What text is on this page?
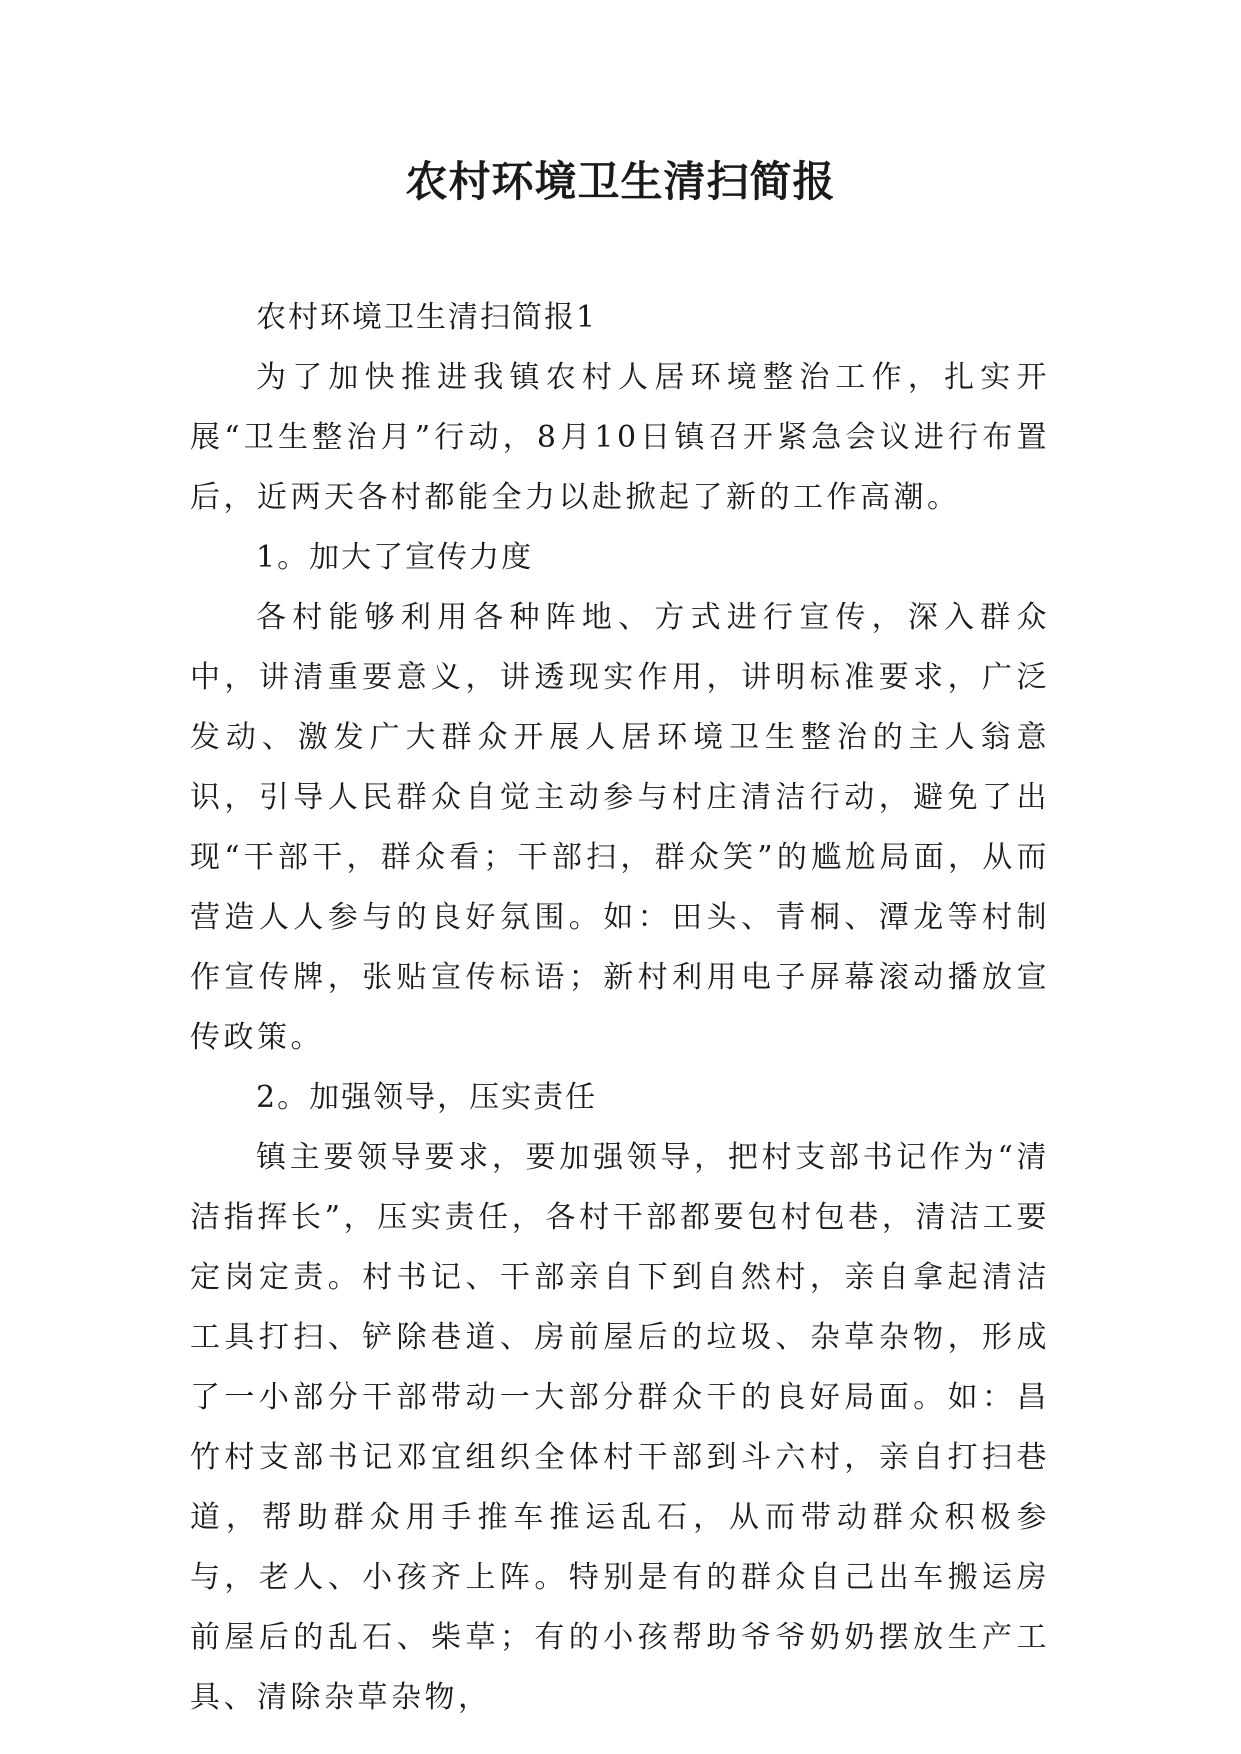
农村环境卫生清扫简报

农村环境卫生清扫简报1

为了加快推进我镇农村人居环境整治工作，扎实开展“卫生整治月”行动，8月10日镇召开紧急会议进行布置后，近两天各村都能全力以赴掀起了新的工作高潮。

1。加大了宣传力度

各村能够利用各种阵地、方式进行宣传，深入群众中，讲清重要意义，讲透现实作用，讲明标准要求，广泛发动、激发广大群众开展人居环境卫生整治的主人翁意识，引导人民群众自觉主动参与村庄清洁行动，避免了出现“干部干，群众看；干部扫，群众笑”的尴尬局面，从而营造人人参与的良好氛围。如：田头、青桐、潭龙等村制作宣传牌，张贴宣传标语；新村利用电子屏幕滚动播放宣传政策。

2。加强领导，压实责任

镇主要领导要求，要加强领导，把村支部书记作为“清洁指挥长”，压实责任，各村干部都要包村包巷，清洁工要定岗定责。村书记、干部亲自下到自然村，亲自拿起清洁工具打扫、铲除巷道、房前屋后的垃圾、杂草杂物，形成了一小部分干部带动一大部分群众干的良好局面。如：昌竹村支部书记邓宜组织全体村干部到斗六村，亲自打扫巷道，帮助群众用手推车推运乱石，从而带动群众积极参与，老人、小孩齐上阵。特别是有的群众自己出车搬运房前屋后的乱石、柴草；有的小孩帮助爷爷奶奶摆放生产工具、清除杂草杂物，
